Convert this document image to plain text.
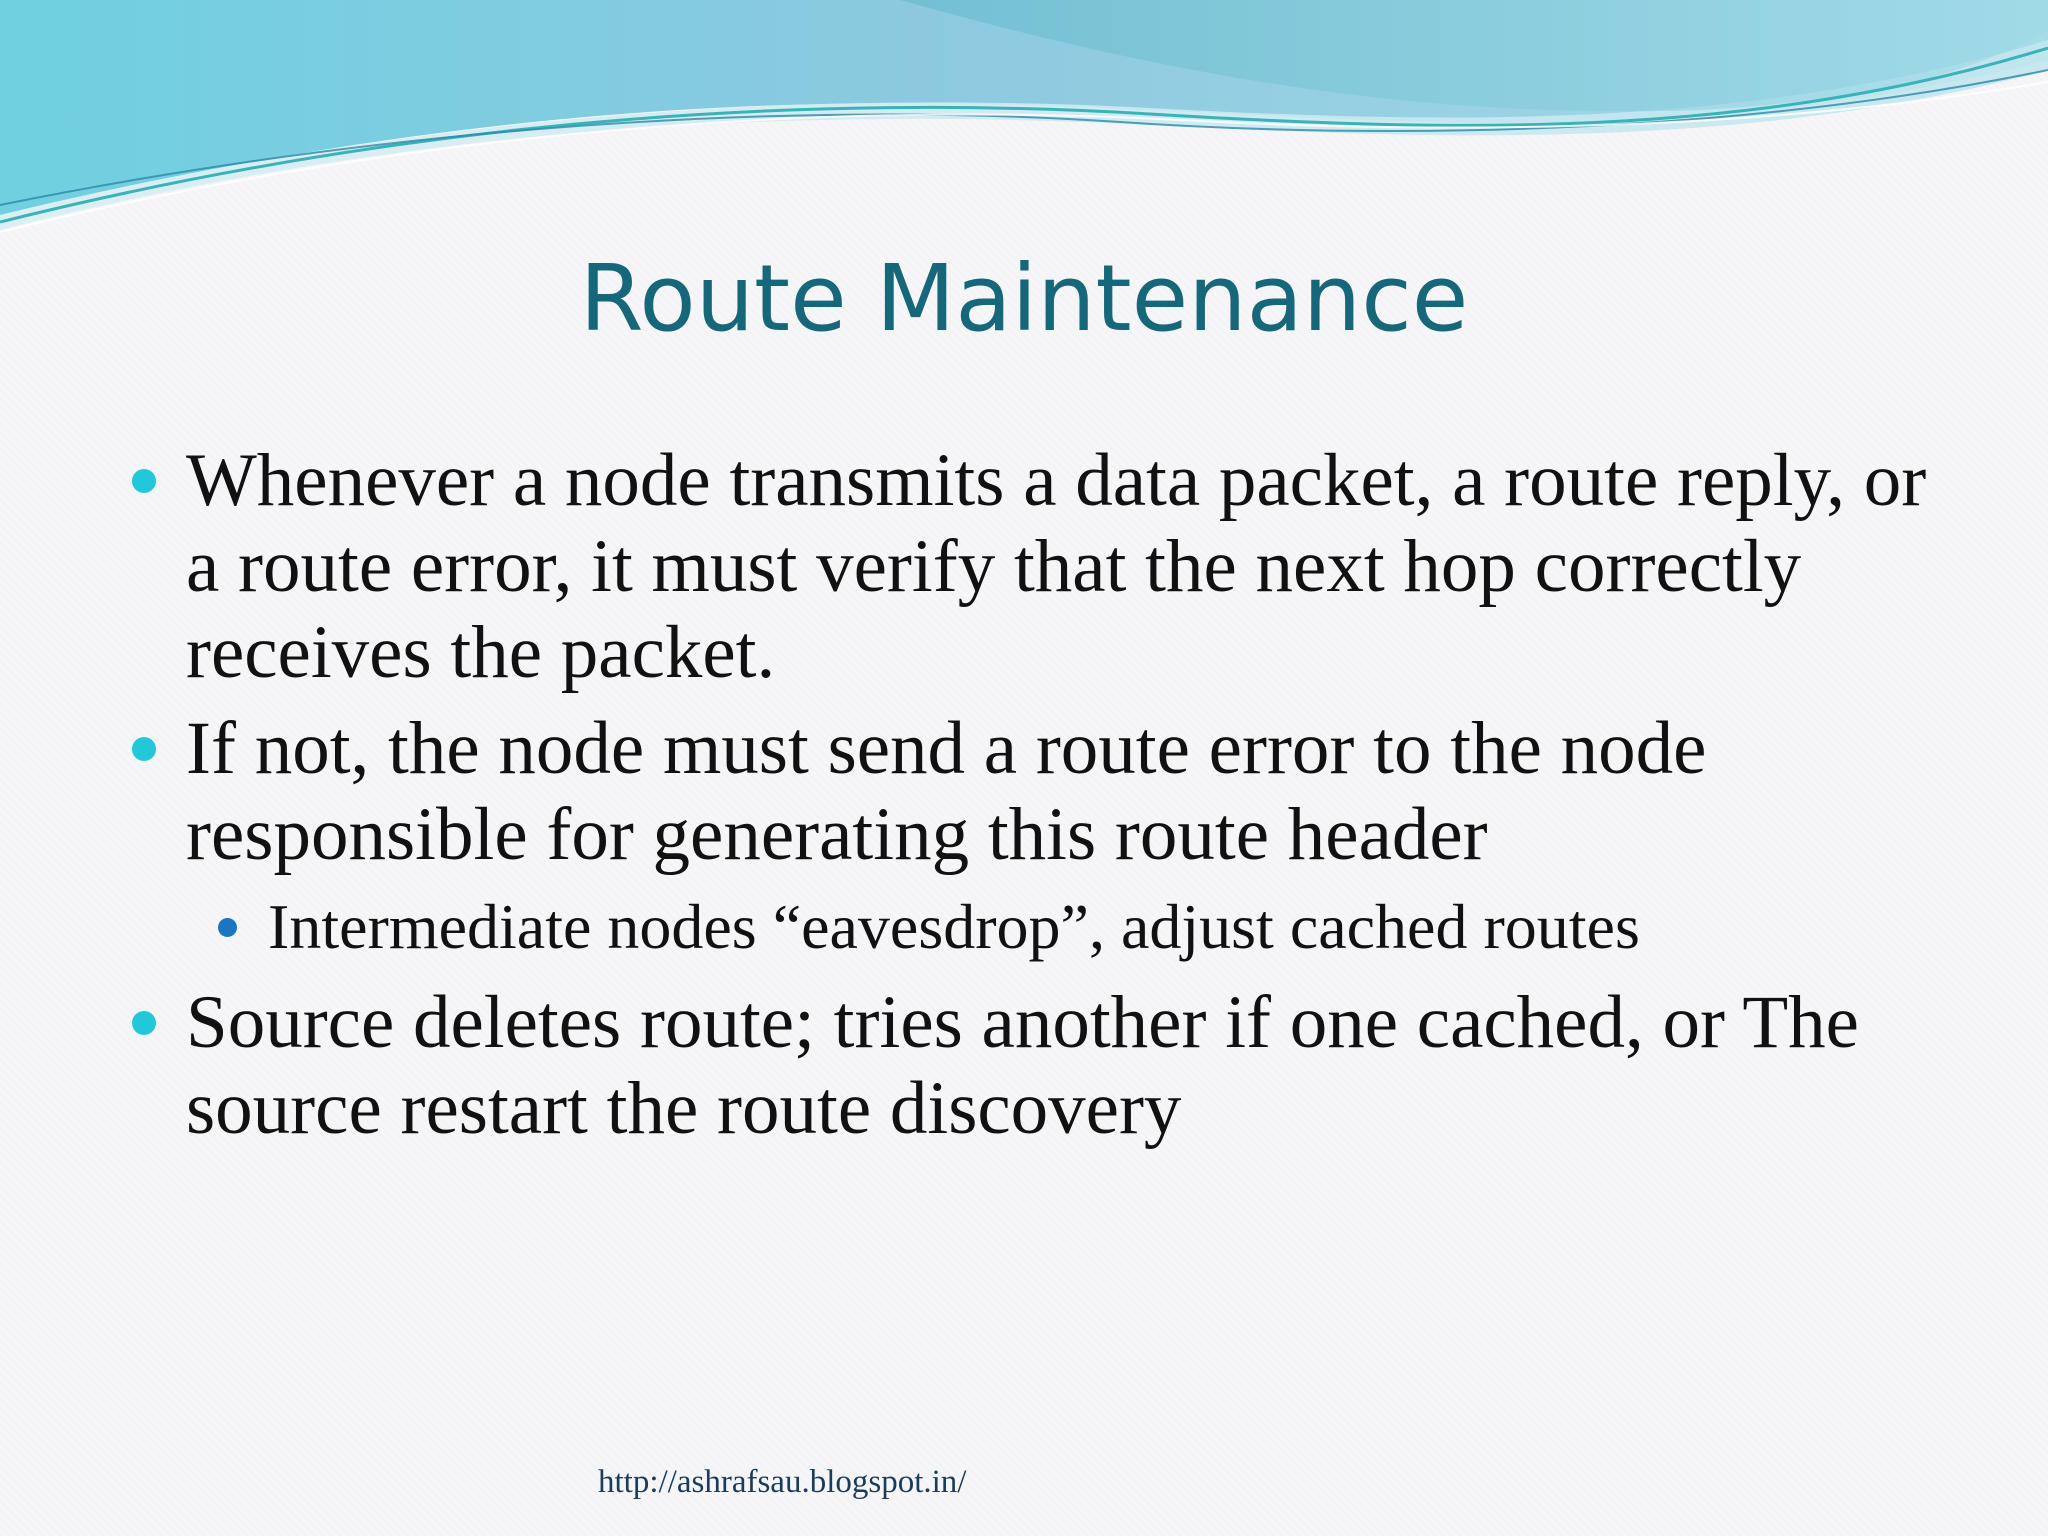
Route Maintenance
Whenever a node transmits a data packet, a route reply, or a route error, it must verify that the next hop correctly receives the packet.
If not, the node must send a route error to the node responsible for generating this route header
Intermediate nodes “eavesdrop”, adjust cached routes
Source deletes route; tries another if one cached, or The source restart the route discovery
http://ashrafsau.blogspot.in/
